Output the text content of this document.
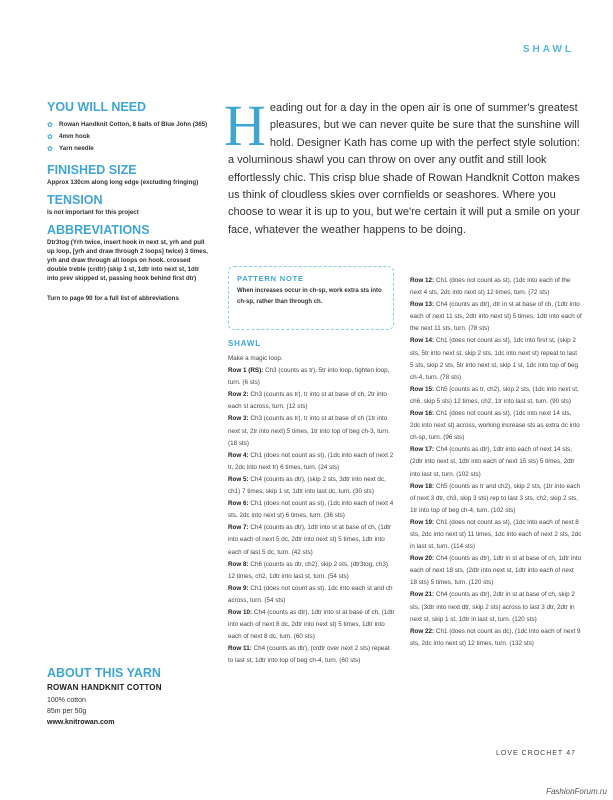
SHAWL
YOU WILL NEED
✿ Rowan Handknit Cotton, 8 balls of Blue John (365)
✿ 4mm hook
✿ Yarn needle
FINISHED SIZE

Approx 130cm along long edge (excluding fringing)

TENSION

Is not important for this project

ABBREVIATIONS

Dtr3tog (Yrh twice, insert hook in next st, yrh and pull up loop, [yrh and draw through 2 loops] twice) 3 times, yrh and draw through all loops on hook. crossed double treble (crdtr) (skip 1 st, 1dtr into next st, 1dtr into prev skipped st, passing hook behind first dtr)

Turn to page 90 for a full list of abbreviations

ABOUT THIS YARN

ROWAN HANDKNIT COTTON

100% cotton

85m per 50g

www.knitrowan.com

H eading out for a day in the open air is one of summer's greatest pleasures, but we can never quite be sure that the sunshine will hold. Designer Kath has come up with the perfect style solution: a voluminous shawl you can throw on over any outfit and still look effortlessly chic. This crisp blue shade of Rowan Handknit Cotton makes us think of cloudless skies over cornfields or seashores. Where you choose to wear it is up to you, but we're certain it will put a smile on your face, whatever the weather happens to be doing.

PATTERN NOTE

When increases occur in ch-sp, work extra sts into ch-sp, rather than through ch.

SHAWL

Make a magic loop.

Row 1 (RS): Ch3 (counts as tr), 5tr into loop, tighten loop, turn. (6 sts)

Row 2: Ch3 (counts as tr), tr into st at base of ch, 2tr into each st across, turn. (12 sts)

Row 3: Ch3 (counts as tr), tr into st at base of ch (1tr into next st, 2tr into next) 5 times, 1tr into top of beg ch-3, turn. (18 sts)

Row 4: Ch1 (does not count as st), (1dc into each of next 2 tr, 2dc into next tr) 6 times, turn. (24 sts)

Row 5: Ch4 (counts as dtr), (skip 2 sts, 3dtr into next dc, ch1) 7 times, skip 1 st, 1dtr into last dc, turn. (30 sts)

Row 6: Ch1 (does not count as st), (1dc into each of next 4 sts, 2dc into next st) 6 times, turn. (36 sts)

Row 7: Ch4 (counts as dtr), 1dtr into st at base of ch, (1dtr into each of next 5 dc, 2dtr into next st) 5 times, 1dtr into each of last 5 dc, turn. (42 sts)

Row 8: Ch6 (counts as dtr, ch2), skip 2 sts, (dtr3tog, ch3) 12 times, ch2, 1dtr into last st, turn. (54 sts)

Row 9: Ch1 (does not count as st), 1dc into each st and ch across, turn. (54 sts)

Row 10: Ch4 (counts as dtr), 1dtr into st at base of ch, (1dtr into each of next 8 dc, 2dtr into next st) 5 times, 1dtr into each of next 8 dc, turn. (60 sts)

Row 11: Ch4 (counts as dtr), (crdtr over next 2 sts) repeat to last st, 1dtr into top of beg ch-4, turn. (60 sts)

Row 12: Ch1 (does not count as st), (1dc into each of the next 4 sts, 2dc into next st) 12 times, turn. (72 sts)

Row 13: Ch4 (counts as dtr), dtr in st at base of ch, (1dtr into each of next 11 sts, 2dtr into next st) 5 times, 1dtr into each of the next 11 sts, turn. (78 sts)

Row 14: Ch1 (does not count as st), 1dc into first st, (skip 2 sts, 5tr into next st, skip 2 sts, 1dc into next st) repeat to last 5 sts, skip 2 sts, 5tr into next st, skip 1 st, 1dc into top of beg ch-4, turn. (78 sts)

Row 15: Ch5 (counts as tr, ch2), skip 2 sts, (1dc into next st, ch6, skip 5 sts) 12 times, ch2, 1tr into last st, turn. (90 sts)

Row 16: Ch1 (does not count as st), (1dc into next 14 sts, 2dc into next st) across, working increase sts as extra dc into ch-sp, turn. (96 sts)

Row 17: Ch4 (counts as dtr), 1dtr into each of next 14 sts, (2dtr into next st, 1dtr into each of next 15 sts) 5 times, 2dtr into last st, turn. (102 sts)

Row 18: Ch5 (counts as tr and ch2), skip 2 sts, (1tr into each of next 3 dtr, ch3, skip 3 sts) rep to last 3 sts, ch2, skip 2 sts, 1tr into top of beg ch-4, turn. (102 sts)

Row 19: Ch1 (does not count as st), (1dc into each of next 8 sts, 2dc into next st) 11 times, 1dc into each of next 2 sts, 2dc in last st, turn. (114 sts)

Row 20: Ch4 (counts as dtr), 1dtr in st at base of ch, 1dtr into each of next 18 sts, (2dtr into next st, 1dtr into each of next 18 sts) 5 times, turn. (120 sts)

Row 21: Ch4 (counts as dtr), 2dtr in st at base of ch, skip 2 sts, (3dtr into next dtr, skip 2 sts) across to last 3 dtr, 2dtr in next st, skip 1 st, 1dtr in last st, turn. (120 sts)

Row 22: Ch1 (does not count as dc), (1dc into each of next 9 sts, 2dc into next st) 12 times, turn. (132 sts)

LOVE CROCHET 47
FashionForum.ru
